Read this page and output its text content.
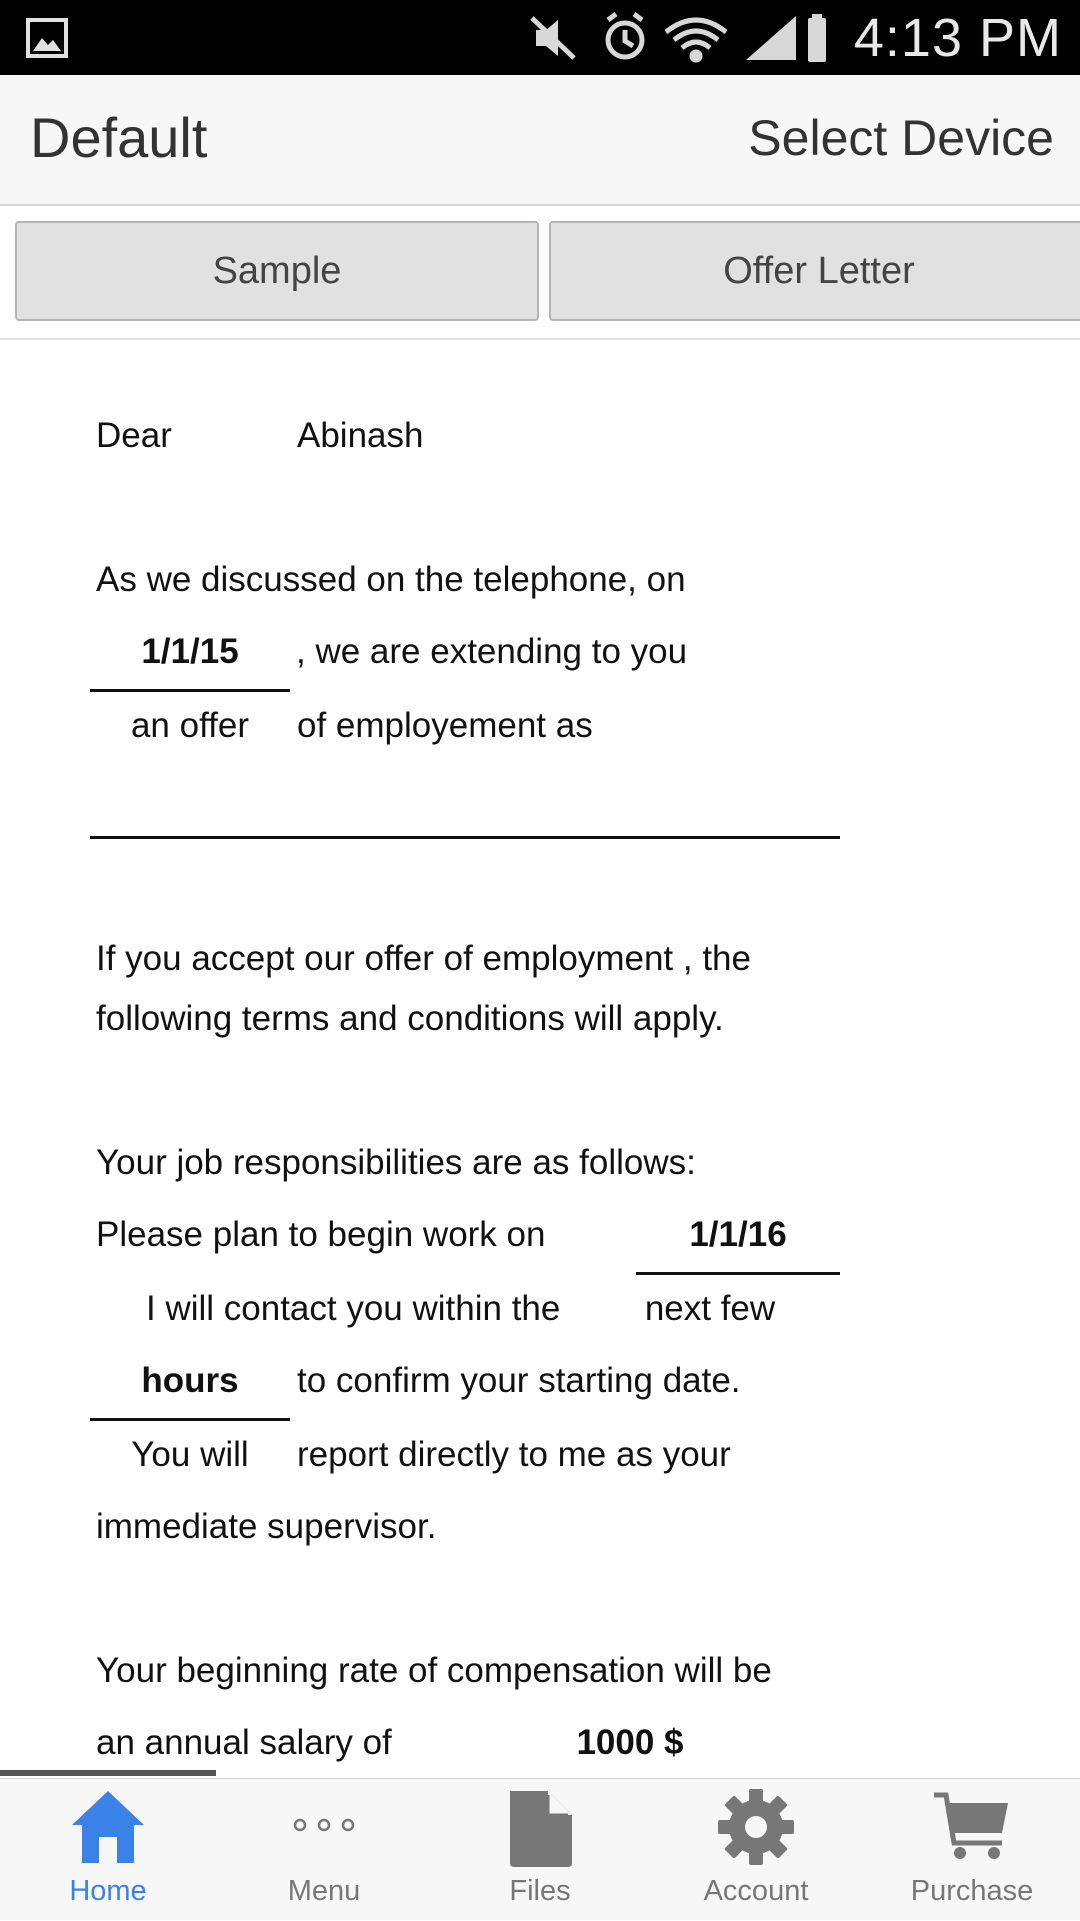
4:13 PM
Default	Select Device
Sample	Offer Letter
Dear	Abinash
As we discussed on the telephone, on
1/1/15	, we are extending to you
an offer	of employement as
If you accept our offer of employment , the
following terms and conditions will apply.
Your job responsibilities are as follows:
Please plan to begin work on	1/1/16
I will contact you within the next few
hours	to confirm your starting date.
You will	report directly to me as your
immediate supervisor.
Your beginning rate of compensation will be
an annual salary of	1000 $
Home	Menu	Files	Account	Purchase
